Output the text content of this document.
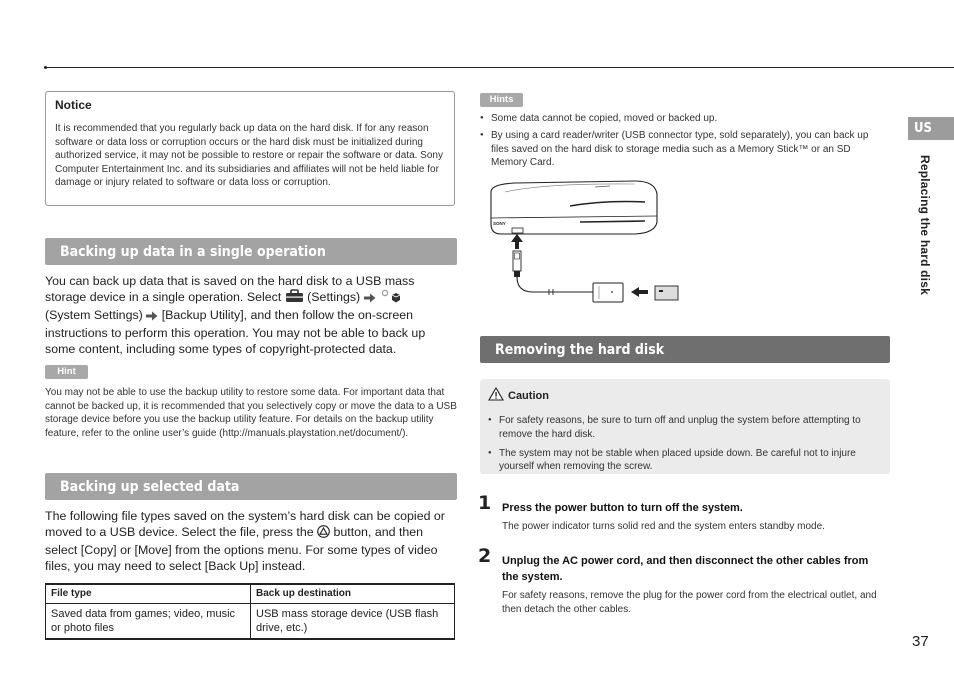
Notice
It is recommended that you regularly back up data on the hard disk. If for any reason software or data loss or corruption occurs or the hard disk must be initialized during authorized service, it may not be possible to restore or repair the software or data. Sony Computer Entertainment Inc. and its subsidiaries and affiliates will not be held liable for damage or injury related to software or data loss or corruption.
Backing up data in a single operation
You can back up data that is saved on the hard disk to a USB mass storage device in a single operation. Select  (Settings)
(System Settings) [Backup Utility], and then follow the on-screen instructions to perform this operation. You may not be able to back up some content, including some types of copyright-protected data.
Hint
You may not be able to use the backup utility to restore some data. For important data that cannot be backed up, it is recommended that you selectively copy or move the data to a USB storage device before you use the backup utility feature. For details on the backup utility feature, refer to the online user’s guide (http://manuals.playstation.net/document/).
Backing up selected data
The following file types saved on the system’s hard disk can be copied or moved to a USB device. Select the file, press the  button, and then select [Copy] or [Move] from the options menu. For some types of video files, you may need to select [Back Up] instead.
File type	Back up destination
Saved data from games; video, music or photo files	USB mass storage device (USB flash drive, etc.)
Hints
● Some data cannot be copied, moved or backed up.
● By using a card reader/writer (USB connector type, sold separately), you can back up files saved on the hard disk to storage media such as a Memory Stick™ or an SD Memory Card.
SONY
Removing the hard disk
Caution
● For safety reasons, be sure to turn off and unplug the system before attempting to remove the hard disk.
● The system may not be stable when placed upside down. Be careful not to injure yourself when removing the screw.
1 Press the power button to turn off the system.
The power indicator turns solid red and the system enters standby mode.
2 Unplug the AC power cord, and then disconnect the other cables from the system.
For safety reasons, remove the plug for the power cord from the electrical outlet, and then detach the other cables.
US
Replacing the hard disk
37
